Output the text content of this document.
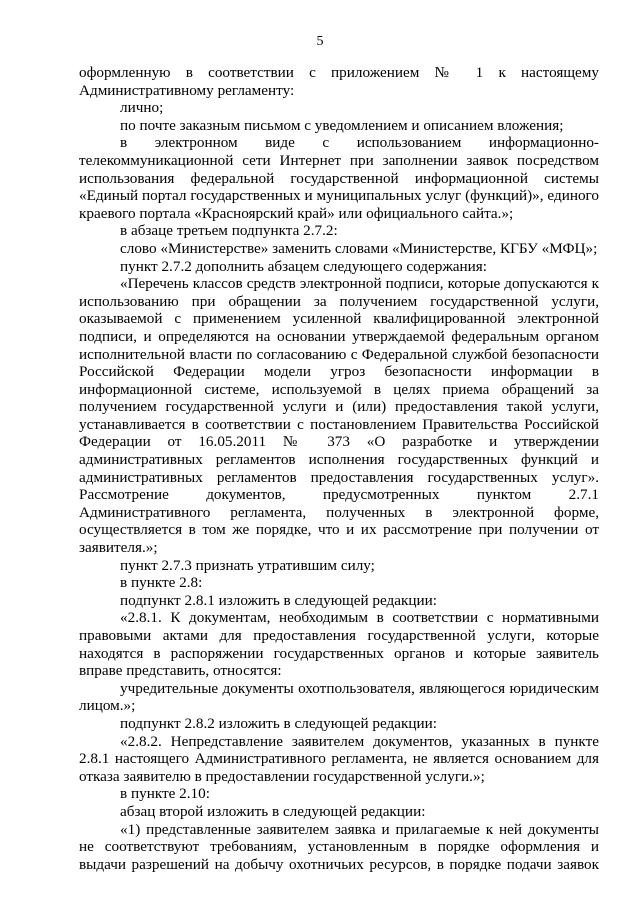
5

оформленную в соответствии с приложением № 1 к настоящему Административному регламенту:

лично;

по почте заказным письмом с уведомлением и описанием вложения;

в электронном виде с использованием информационно-телекоммуникационной сети Интернет при заполнении заявок посредством использования федеральной государственной информационной системы «Единый портал государственных и муниципальных услуг (функций)», единого краевого портала «Красноярский край» или официального сайта.»;

в абзаце третьем подпункта 2.7.2:

слово «Министерстве» заменить словами «Министерстве, КГБУ «МФЦ»;

пункт 2.7.2 дополнить абзацем следующего содержания:

«Перечень классов средств электронной подписи, которые допускаются к использованию при обращении за получением государственной услуги, оказываемой с применением усиленной квалифицированной электронной подписи, и определяются на основании утверждаемой федеральным органом исполнительной власти по согласованию с Федеральной службой безопасности Российской Федерации модели угроз безопасности информации в информационной системе, используемой в целях приема обращений за получением государственной услуги и (или) предоставления такой услуги, устанавливается в соответствии с постановлением Правительства Российской Федерации от 16.05.2011 № 373 «О разработке и утверждении административных регламентов исполнения государственных функций и административных регламентов предоставления государственных услуг». Рассмотрение документов, предусмотренных пунктом 2.7.1 Административного регламента, полученных в электронной форме, осуществляется в том же порядке, что и их рассмотрение при получении от заявителя.»;

пункт 2.7.3 признать утратившим силу;

в пункте 2.8:

подпункт 2.8.1 изложить в следующей редакции:

«2.8.1. К документам, необходимым в соответствии с нормативными правовыми актами для предоставления государственной услуги, которые находятся в распоряжении государственных органов и которые заявитель вправе представить, относятся:

учредительные документы охотпользователя, являющегося юридическим лицом.»;

подпункт 2.8.2 изложить в следующей редакции:

«2.8.2. Непредставление заявителем документов, указанных в пункте 2.8.1 настоящего Административного регламента, не является основанием для отказа заявителю в предоставлении государственной услуги.»;

в пункте 2.10:

абзац второй изложить в следующей редакции:

«1) представленные заявителем заявка и прилагаемые к ней документы не соответствуют требованиям, установленным в порядке оформления и выдачи разрешений на добычу охотничьих ресурсов, в порядке подачи заявок
